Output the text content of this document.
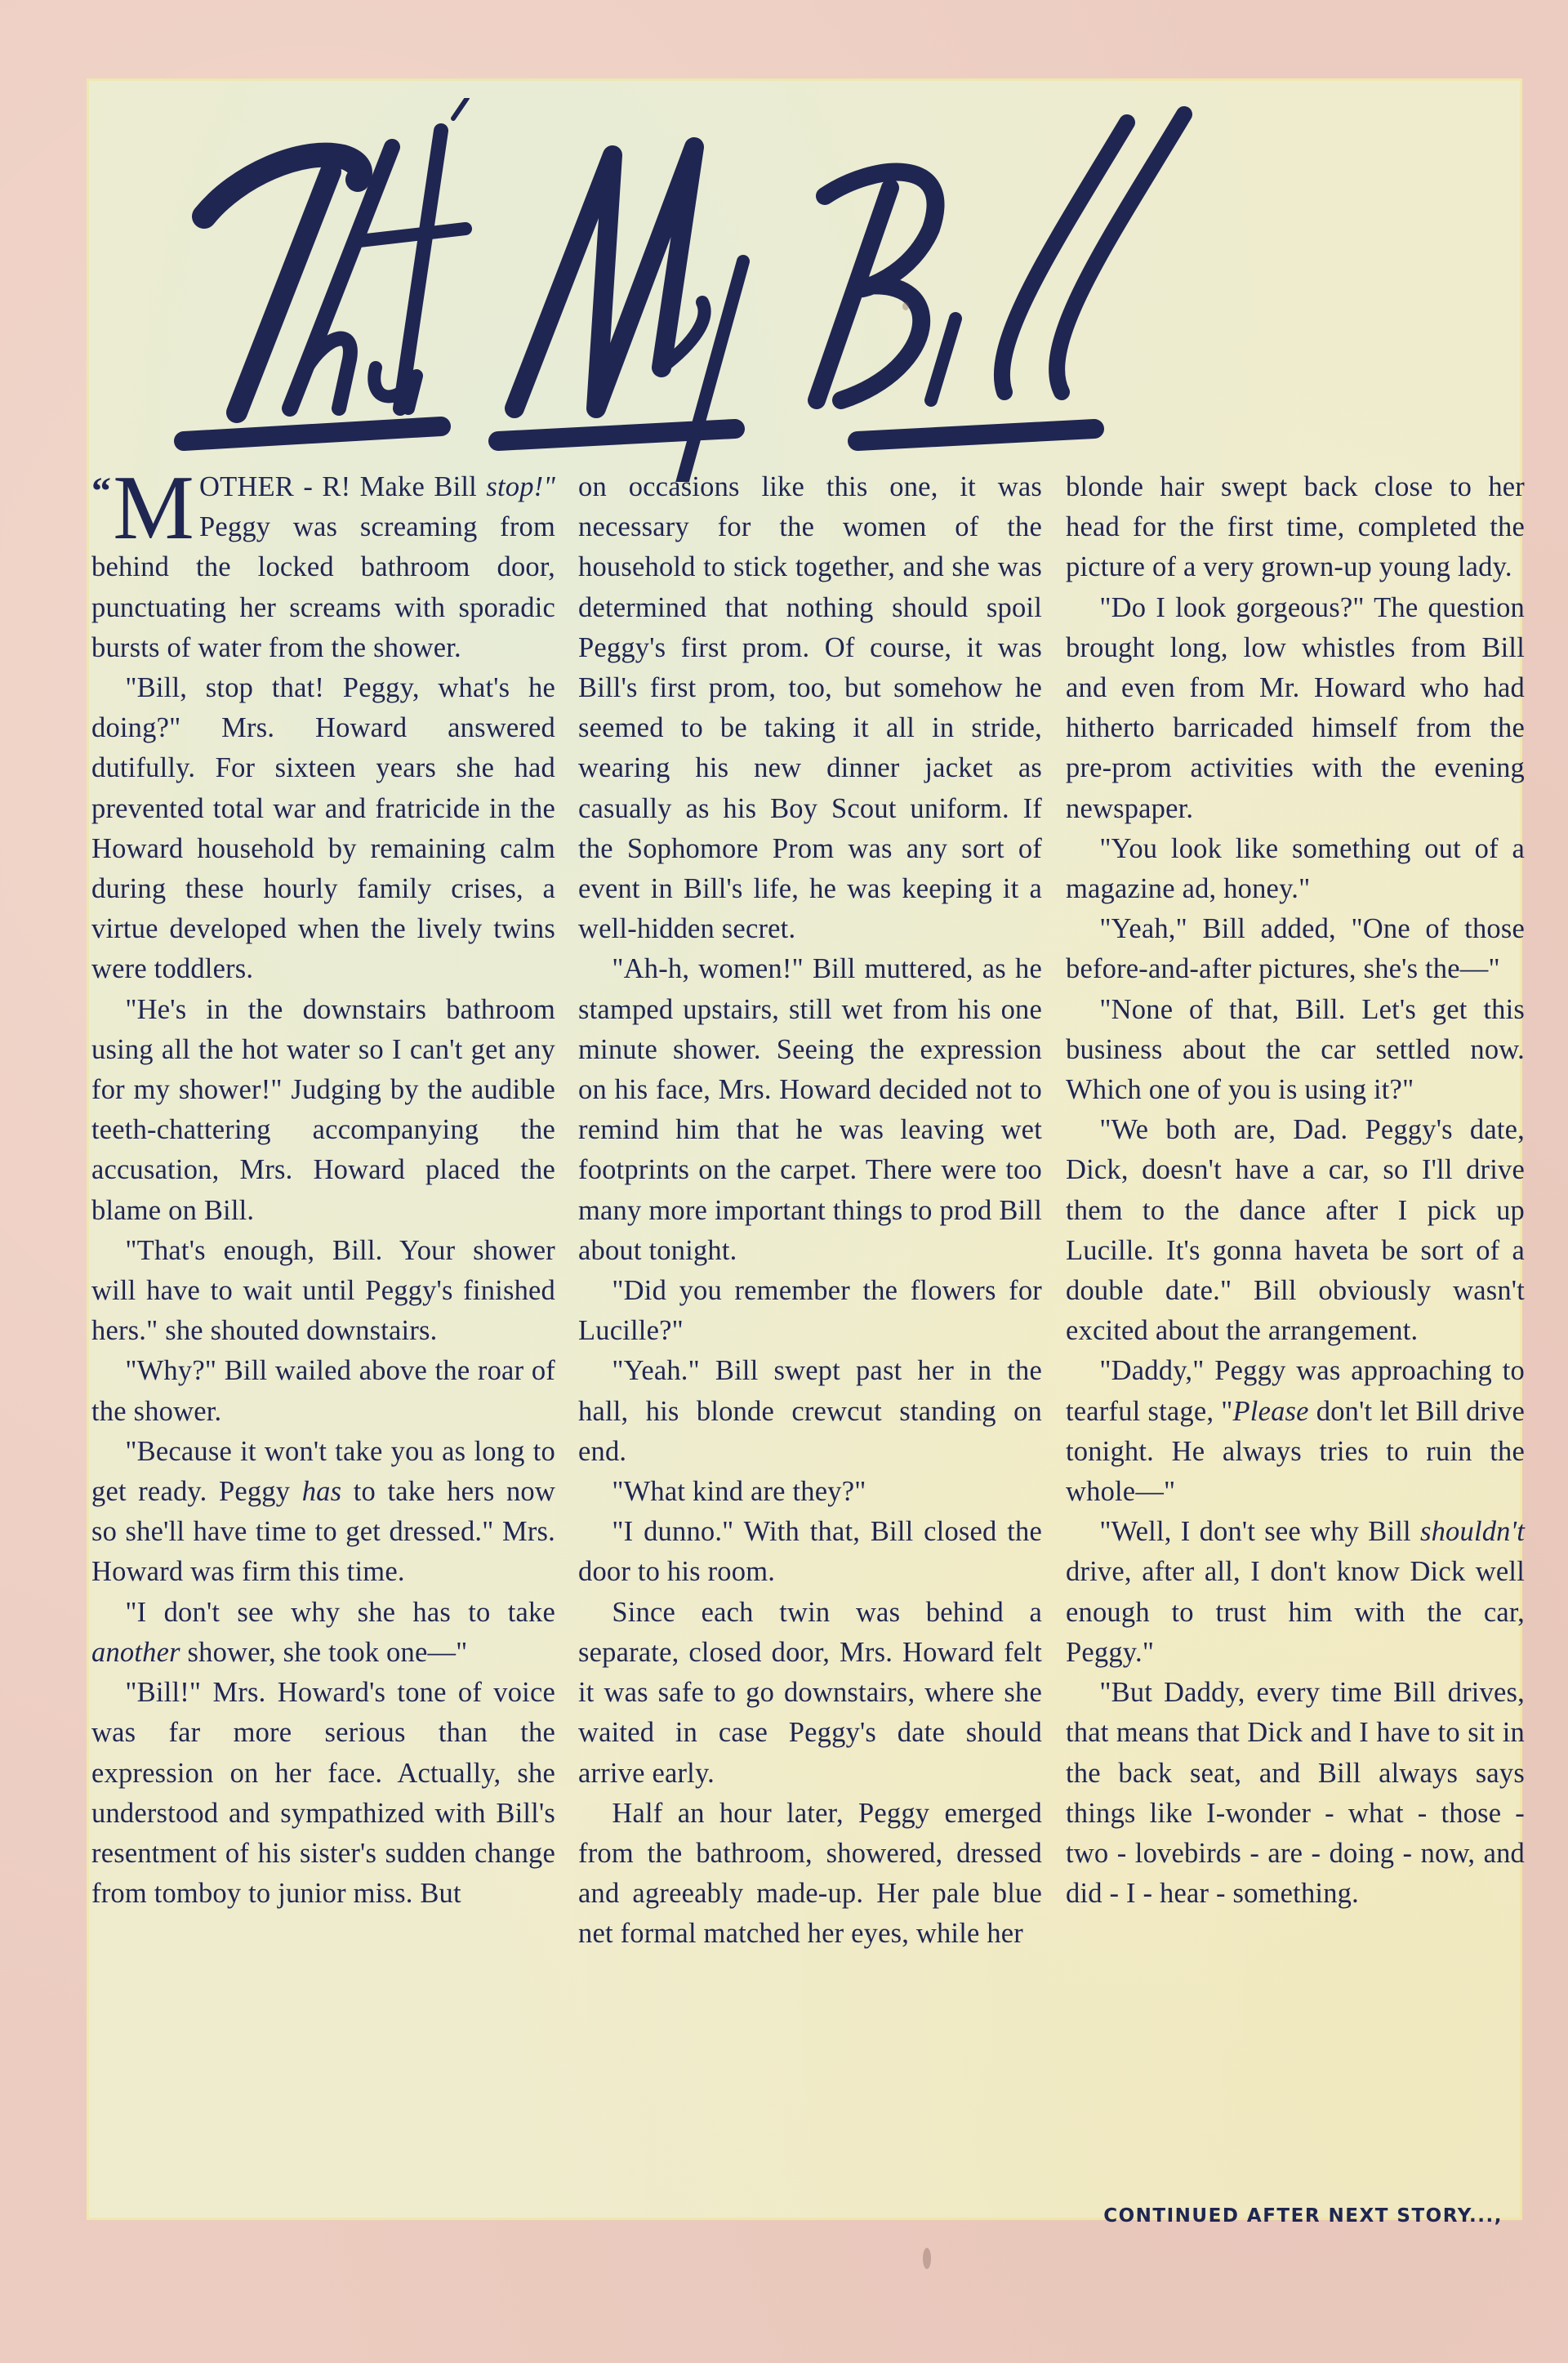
“ M OTHER - R! Make Bill stop!" Peggy was screaming from behind the locked bathroom door, punctuating her screams with sporadic bursts of water from the shower.

"Bill, stop that! Peggy, what's he doing?" Mrs. Howard answered dutifully. For sixteen years she had prevented total war and fratricide in the Howard household by remaining calm during these hourly family crises, a virtue developed when the lively twins were toddlers.

"He's in the downstairs bathroom using all the hot water so I can't get any for my shower!" Judging by the audible teeth-chattering accompanying the accusation, Mrs. Howard placed the blame on Bill.

"That's enough, Bill. Your shower will have to wait until Peggy's finished hers." she shouted downstairs.

"Why?" Bill wailed above the roar of the shower.

"Because it won't take you as long to get ready. Peggy has to take hers now so she'll have time to get dressed." Mrs. Howard was firm this time.

"I don't see why she has to take another shower, she took one—"

"Bill!" Mrs. Howard's tone of voice was far more serious than the expression on her face. Actually, she understood and sympathized with Bill's resentment of his sister's sudden change from tomboy to junior miss. But

on occasions like this one, it was necessary for the women of the household to stick together, and she was determined that nothing should spoil Peggy's first prom. Of course, it was Bill's first prom, too, but somehow he seemed to be taking it all in stride, wearing his new dinner jacket as casually as his Boy Scout uniform. If the Sophomore Prom was any sort of event in Bill's life, he was keeping it a well-hidden secret.

"Ah-h, women!" Bill muttered, as he stamped upstairs, still wet from his one minute shower. Seeing the expression on his face, Mrs. Howard decided not to remind him that he was leaving wet footprints on the carpet. There were too many more important things to prod Bill about tonight.

"Did you remember the flowers for Lucille?"

"Yeah." Bill swept past her in the hall, his blonde crewcut standing on end.

"What kind are they?"

"I dunno." With that, Bill closed the door to his room.

Since each twin was behind a separate, closed door, Mrs. Howard felt it was safe to go downstairs, where she waited in case Peggy's date should arrive early.

Half an hour later, Peggy emerged from the bathroom, showered, dressed and agreeably made-up. Her pale blue net formal matched her eyes, while her

blonde hair swept back close to her head for the first time, completed the picture of a very grown-up young lady.

"Do I look gorgeous?" The question brought long, low whistles from Bill and even from Mr. Howard who had hitherto barricaded himself from the pre-prom activities with the evening newspaper.

"You look like something out of a magazine ad, honey."

"Yeah," Bill added, "One of those before-and-after pictures, she's the—"

"None of that, Bill. Let's get this business about the car settled now. Which one of you is using it?"

"We both are, Dad. Peggy's date, Dick, doesn't have a car, so I'll drive them to the dance after I pick up Lucille. It's gonna haveta be sort of a double date." Bill obviously wasn't excited about the arrangement.

"Daddy," Peggy was approaching to tearful stage, "Please don't let Bill drive tonight. He always tries to ruin the whole—"

"Well, I don't see why Bill shouldn't drive, after all, I don't know Dick well enough to trust him with the car, Peggy."

"But Daddy, every time Bill drives, that means that Dick and I have to sit in the back seat, and Bill always says things like I-wonder - what - those - two - lovebirds - are - doing - now, and did - I - hear - something.

CONTINUED AFTER NEXT STORY...,
